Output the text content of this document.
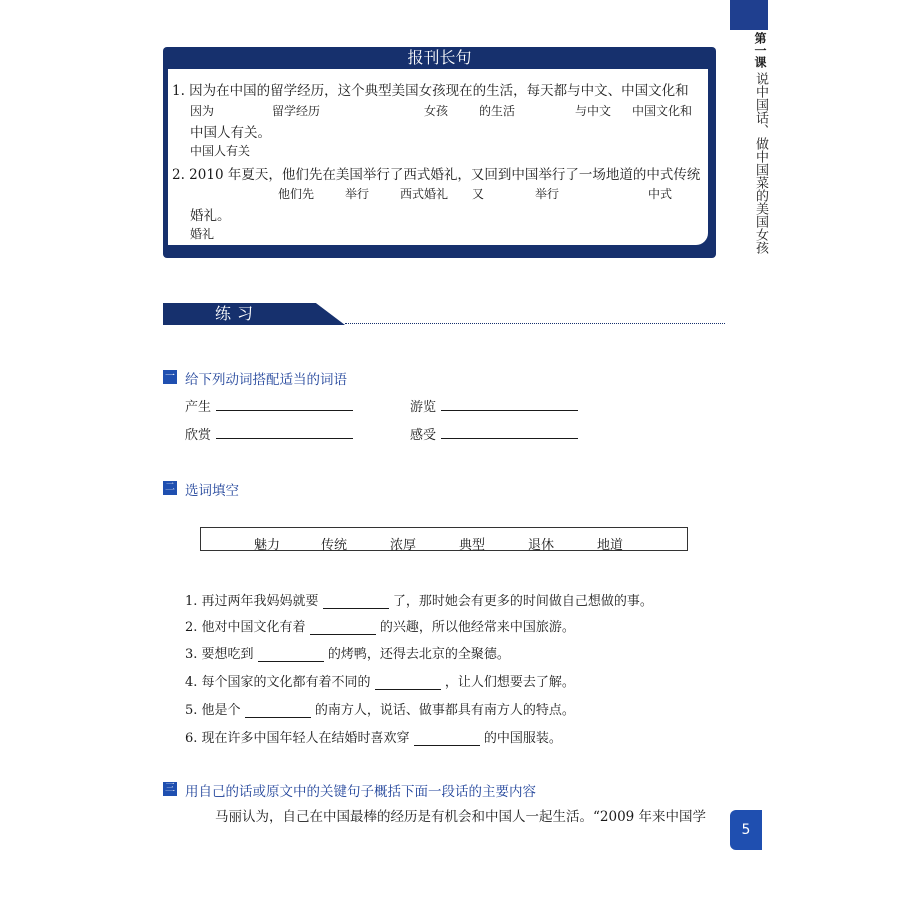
第一课说中国话、做中国菜的美国女孩
报刊长句
1. 因为在中国的留学经历，这个典型美国女孩现在的生活，每天都与中文、中国文化和
因为	留学经历	女孩	的生活	与中文 中国文化和
中国人有关。
中国人有关
2. 2010 年夏天，他们先在美国举行了西式婚礼，又回到中国举行了一场地道的中式传统
他们先	举行	西式婚礼 又	举行	中式
婚礼。
婚礼
练习
一 给下列动词搭配适当的词语
产生	游览
欣赏	感受
二 选词填空
魅力	传统	浓厚	典型	退休	地道
1. 再过两年我妈妈就要	了，那时她会有更多的时间做自己想做的事。
2. 他对中国文化有着	的兴趣，所以他经常来中国旅游。
3. 要想吃到	的烤鸭，还得去北京的全聚德。
4. 每个国家的文化都有着不同的	，让人们想要去了解。
5. 他是个	的南方人，说话、做事都具有南方人的特点。
6. 现在许多中国年轻人在结婚时喜欢穿	的中国服装。
三 用自己的话或原文中的关键句子概括下面一段话的主要内容
马丽认为，自己在中国最棒的经历是有机会和中国人一起生活。“2009 年来中国学
5
